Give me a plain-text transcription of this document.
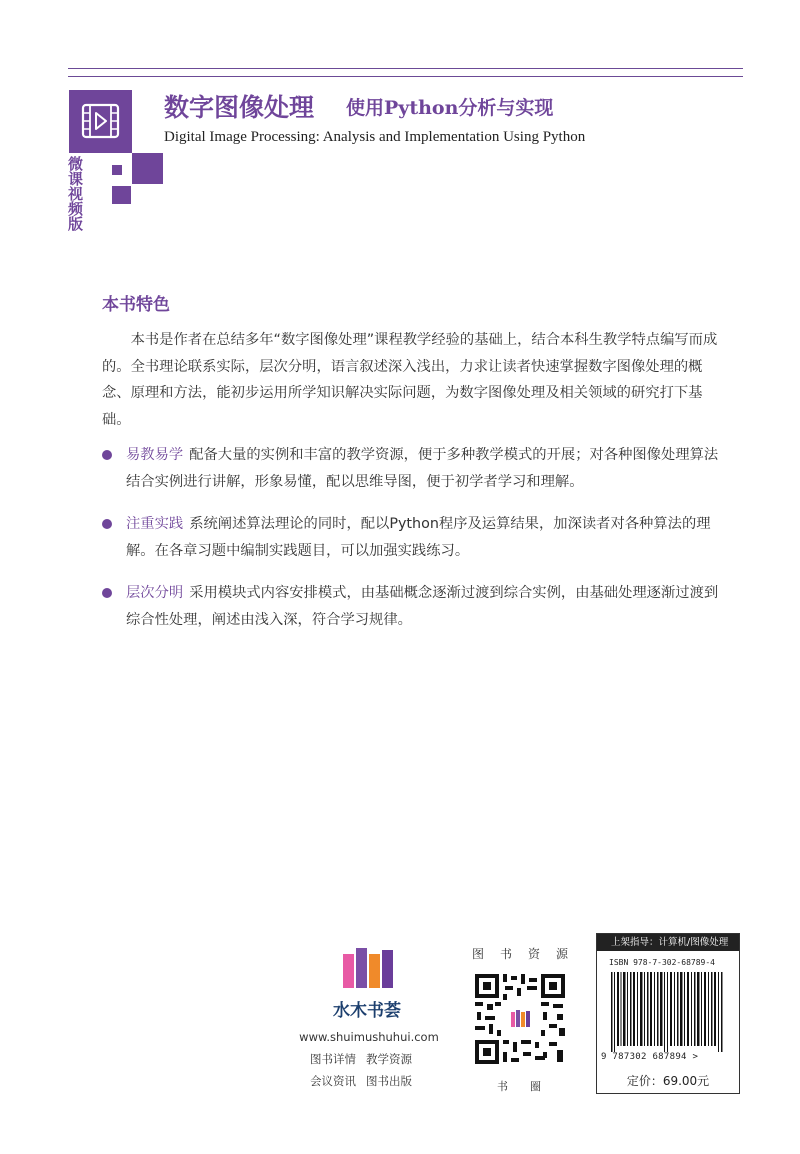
微课视频版
数字图像处理 使用Python分析与实现
Digital Image Processing: Analysis and Implementation Using Python
本书特色
本书是作者在总结多年“数字图像处理”课程教学经验的基础上，结合本科生教学特点编写而成的。全书理论联系实际，层次分明，语言叙述深入浅出，力求让读者快速掌握数字图像处理的概念、原理和方法，能初步运用所学知识解决实际问题，为数字图像处理及相关领域的研究打下基础。
易教易学 配备大量的实例和丰富的教学资源，便于多种教学模式的开展；对各种图像处理算法结合实例进行讲解，形象易懂，配以思维导图，便于初学者学习和理解。
注重实践 系统阐述算法理论的同时，配以Python程序及运算结果，加深读者对各种算法的理解。在各章习题中编制实践题目，可以加强实践练习。
层次分明 采用模块式内容安排模式，由基础概念逐渐过渡到综合实例，由基础处理逐渐过渡到综合性处理，阐述由浅入深，符合学习规律。
水木书荟
www.shuimushuhui.com
图书详情 教学资源
会议资讯 图书出版
图书资源
书圈
上架指导：计算机/图像处理
ISBN 978-7-302-68789-4
9 787302 687894 >
定价：69.00元
